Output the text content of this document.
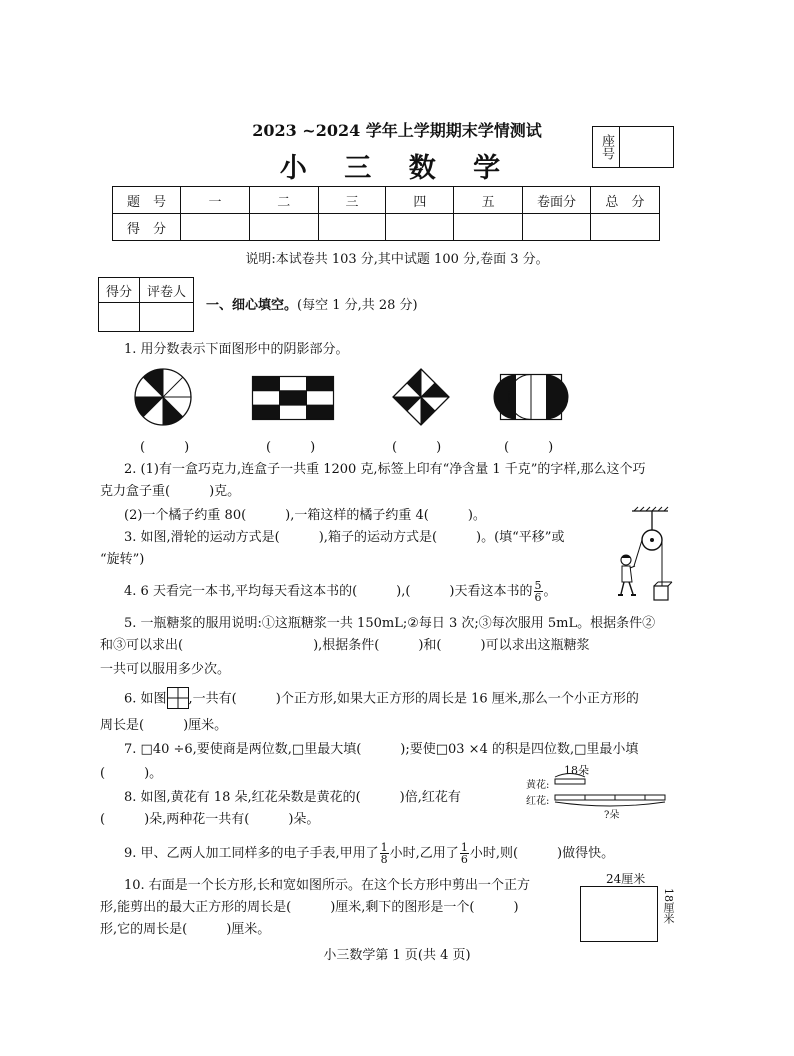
2023 ~2024 学年上学期期末学情测试
小 三 数 学
座号
题　号	一	二	三	四	五	卷面分	总　分
得　分							
说明:本试卷共 103 分,其中试题 100 分,卷面 3 分。
得分	评卷人

一、细心填空。(每空 1 分,共 28 分)
1. 用分数表示下面图形中的阴影部分。
(　　　)	(　　　)	(　　　)	(　　　)
2. (1)有一盒巧克力,连盒子一共重 1200 克,标签上印有“净含量 1 千克”的字样,那么这个巧
克力盒子重(　　　)克。
(2)一个橘子约重 80(　　　),一箱这样的橘子约重 4(　　　)。
3. 如图,滑轮的运动方式是(　　　),箱子的运动方式是(　　　)。(填“平移”或
“旋转”)
4. 6 天看完一本书,平均每天看这本书的(　　　),(　　　)天看这本书的 $\frac{5}{6}$ 。
5. 一瓶糖浆的服用说明:①这瓶糖浆一共 150mL;②每日 3 次;③每次服用 5mL。根据条件②
和③可以求出(　　　　　　　　　　),根据条件(　　　)和(　　　)可以求出这瓶糖浆
一共可以服用多少次。
6. 如图 ,一共有(　　　)个正方形,如果大正方形的周长是 16 厘米,那么一个小正方形的
周长是(　　　)厘米。
7. □40 ÷6,要使商是两位数,□里最大填(　　　);要使□03 ×4 的积是四位数,□里最小填
(　　　)。
8. 如图,黄花有 18 朵,红花朵数是黄花的(　　　)倍,红花有
(　　　)朵,两种花一共有(　　　)朵。
18朵
黄花:
红花:
?朵
9. 甲、乙两人加工同样多的电子手表,甲用了 $\frac{1}{8}$ 小时,乙用了 $\frac{1}{6}$ 小时,则(　　　)做得快。
10. 右面是一个长方形,长和宽如图所示。在这个长方形中剪出一个正方
形,能剪出的最大正方形的周长是(　　　)厘米,剩下的图形是一个(　　　)
形,它的周长是(　　　)厘米。
24厘米
18厘米
小三数学第 1 页(共 4 页)
